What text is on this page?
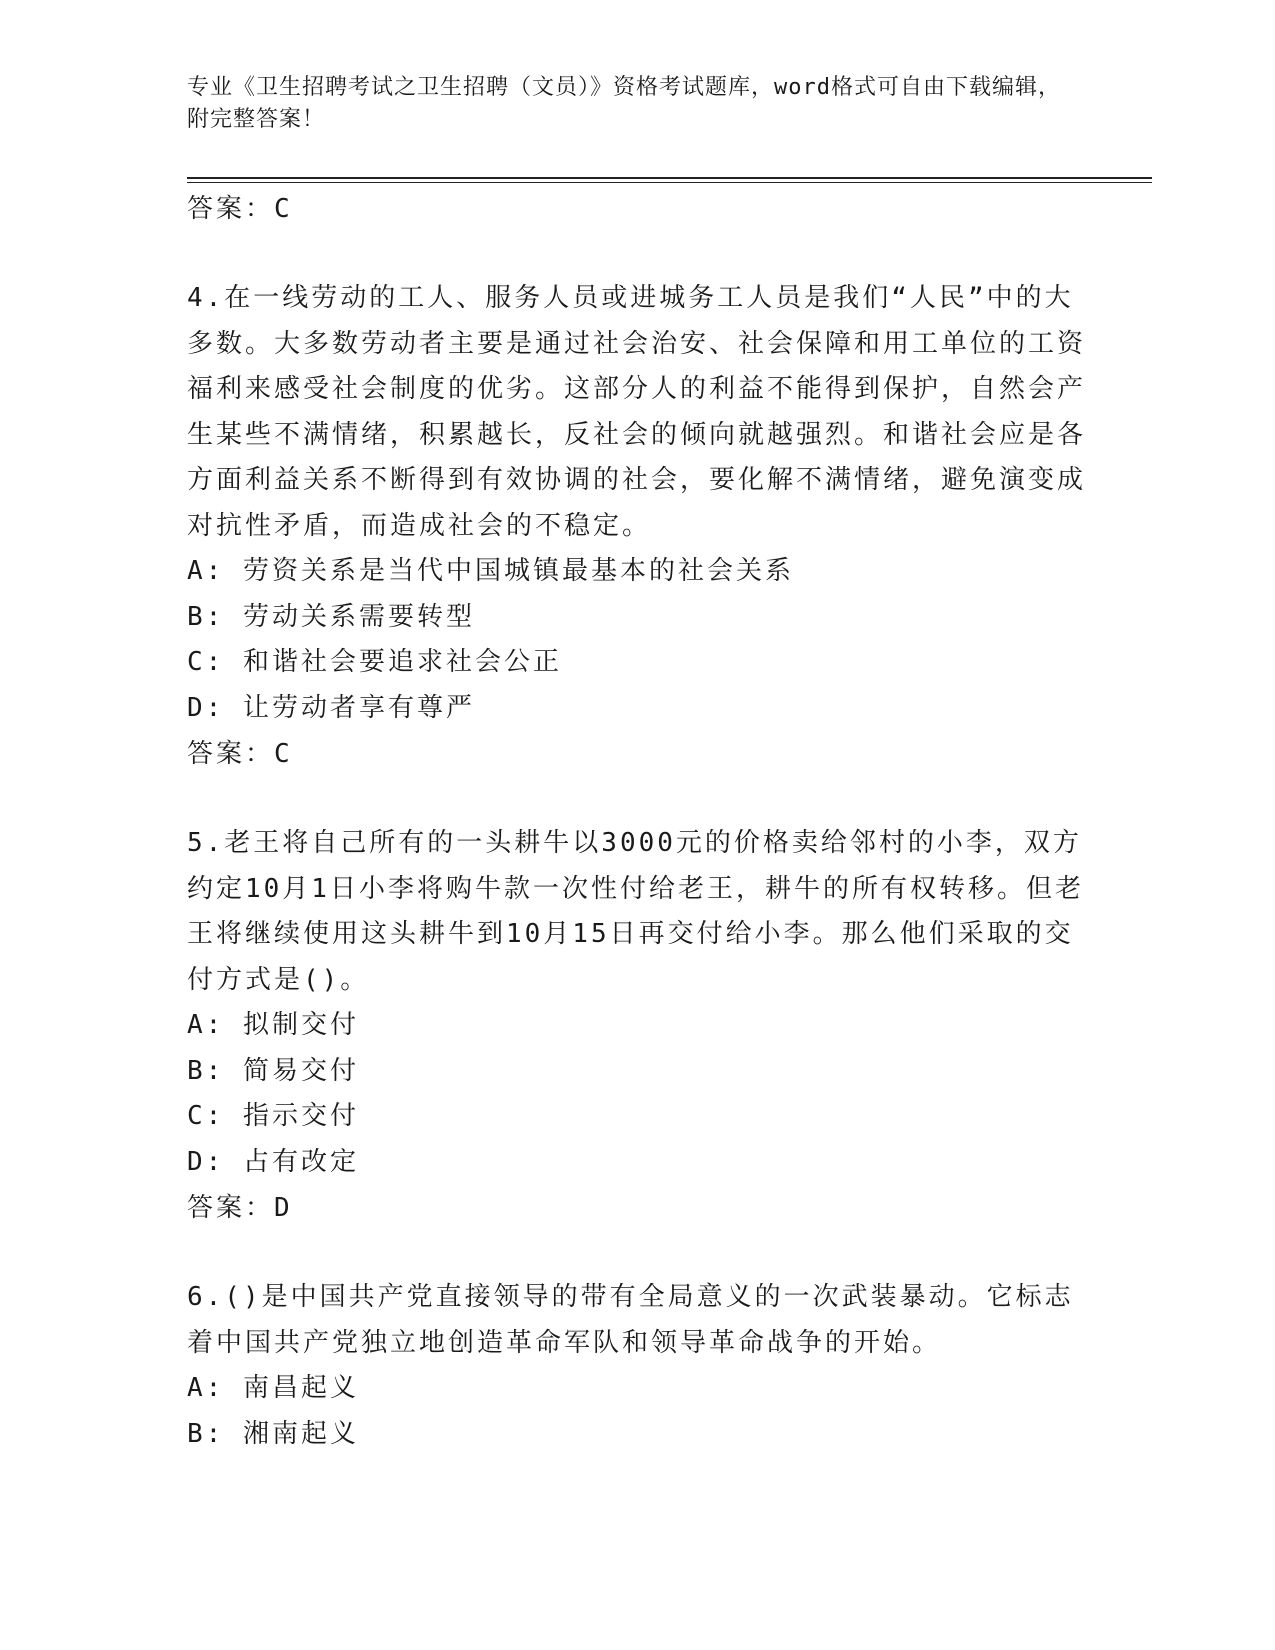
专业《卫生招聘考试之卫生招聘（文员）》资格考试题库，word格式可自由下载编辑，附完整答案！
答案：C
4.在一线劳动的工人、服务人员或进城务工人员是我们“人民”中的大多数。大多数劳动者主要是通过社会治安、社会保障和用工单位的工资福利来感受社会制度的优劣。这部分人的利益不能得到保护，自然会产生某些不满情绪，积累越长，反社会的倾向就越强烈。和谐社会应是各方面利益关系不断得到有效协调的社会，要化解不满情绪，避免演变成对抗性矛盾，而造成社会的不稳定。
A: 劳资关系是当代中国城镇最基本的社会关系
B: 劳动关系需要转型
C: 和谐社会要追求社会公正
D: 让劳动者享有尊严
答案：C
5.老王将自己所有的一头耕牛以3000元的价格卖给邻村的小李，双方约定10月1日小李将购牛款一次性付给老王，耕牛的所有权转移。但老王将继续使用这头耕牛到10月15日再交付给小李。那么他们采取的交付方式是()。
A: 拟制交付
B: 简易交付
C: 指示交付
D: 占有改定
答案：D
6.()是中国共产党直接领导的带有全局意义的一次武装暴动。它标志着中国共产党独立地创造革命军队和领导革命战争的开始。
A: 南昌起义
B: 湘南起义
